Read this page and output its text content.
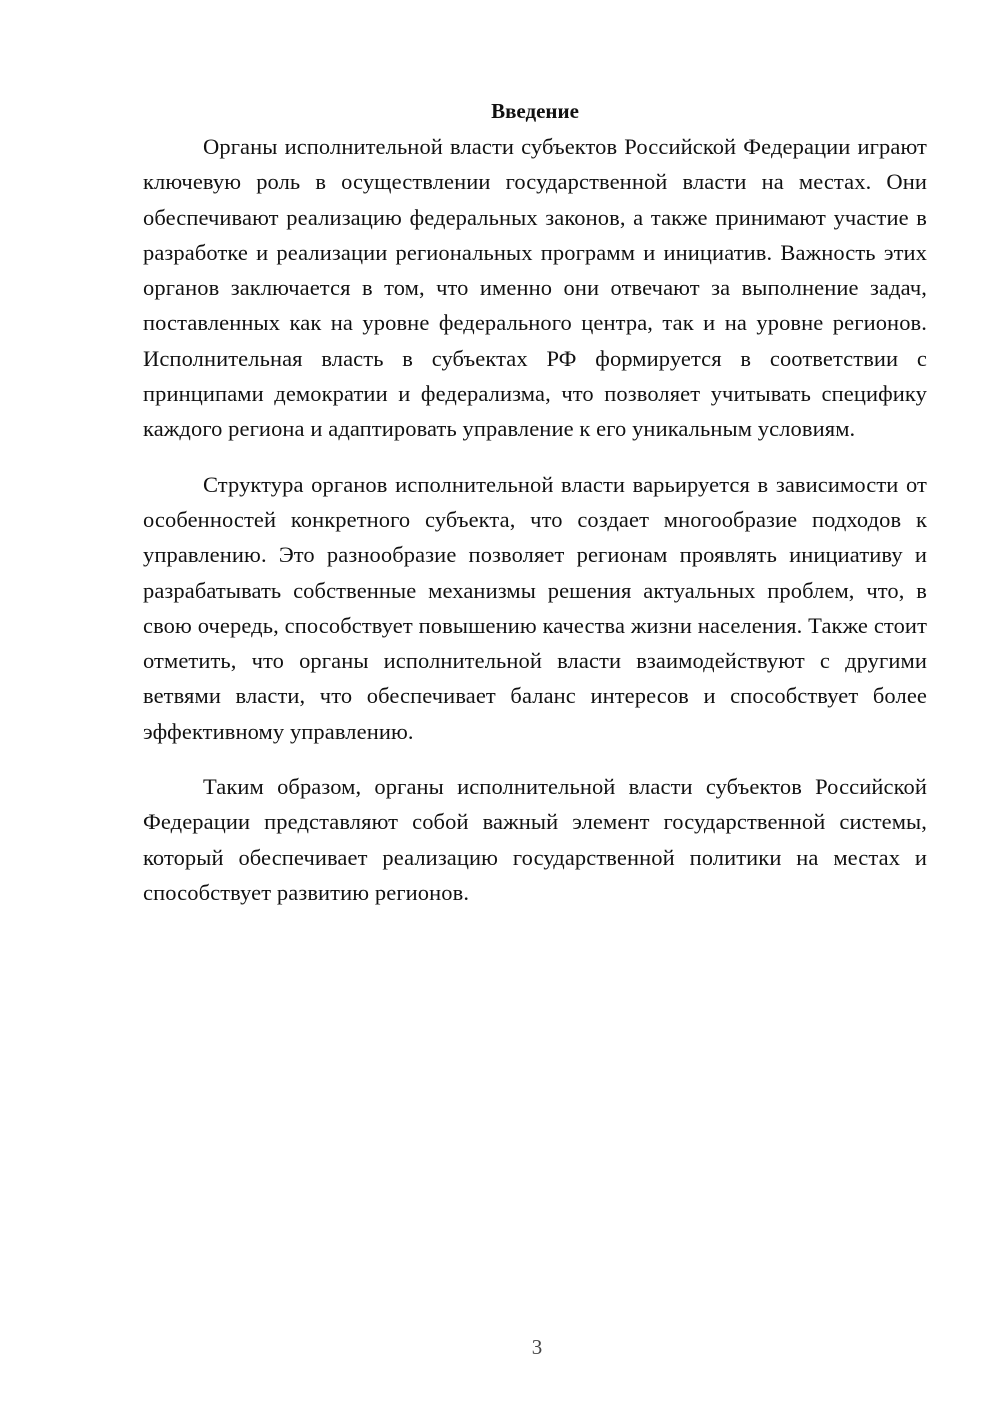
Введение

Органы исполнительной власти субъектов Российской Федерации играют ключевую роль в осуществлении государственной власти на местах. Они обеспечивают реализацию федеральных законов, а также принимают участие в разработке и реализации региональных программ и инициатив. Важность этих органов заключается в том, что именно они отвечают за выполнение задач, поставленных как на уровне федерального центра, так и на уровне регионов. Исполнительная власть в субъектах РФ формируется в соответствии с принципами демократии и федерализма, что позволяет учитывать специфику каждого региона и адаптировать управление к его уникальным условиям.

Структура органов исполнительной власти варьируется в зависимости от особенностей конкретного субъекта, что создает многообразие подходов к управлению. Это разнообразие позволяет регионам проявлять инициативу и разрабатывать собственные механизмы решения актуальных проблем, что, в свою очередь, способствует повышению качества жизни населения. Также стоит отметить, что органы исполнительной власти взаимодействуют с другими ветвями власти, что обеспечивает баланс интересов и способствует более эффективному управлению.

Таким образом, органы исполнительной власти субъектов Российской Федерации представляют собой важный элемент государственной системы, который обеспечивает реализацию государственной политики на местах и способствует развитию регионов.

3
